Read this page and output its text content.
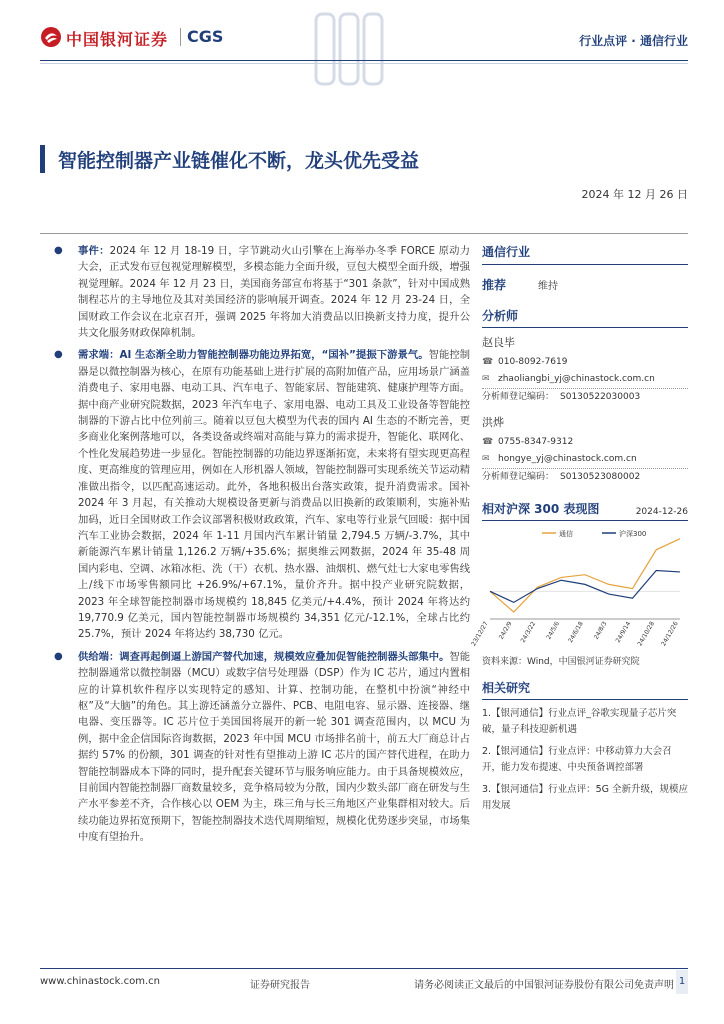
中国银河证券 CGS	行业点评 · 通信行业
智能控制器产业链催化不断，龙头优先受益
2024 年 12 月 26 日
● 事件：2024 年 12 月 18-19 日，字节跳动火山引擎在上海举办冬季 FORCE 原动力大会，正式发布豆包视觉理解模型，多模态能力全面升级，豆包大模型全面升级，增强视觉理解。2024 年 12 月 23 日，美国商务部宣布将基于“301 条款”，针对中国成熟制程芯片的主导地位及其对美国经济的影响展开调查。2024 年 12 月 23-24 日，全国财政工作会议在北京召开，强调 2025 年将加大消费品以旧换新支持力度，提升公共文化服务财政保障机制。
● 需求端：AI 生态渐全助力智能控制器功能边界拓宽，“国补”提振下游景气。智能控制器是以微控制器为核心，在原有功能基础上进行扩展的高附加值产品，应用场景广涵盖消费电子、家用电器、电动工具、汽车电子、智能家居、智能建筑、健康护理等方面。据中商产业研究院数据，2023 年汽车电子、家用电器、电动工具及工业设备等智能控制器的下游占比中位列前三。随着以豆包大模型为代表的国内 AI 生态的不断完善，更多商业化案例落地可以，各类设备或终端对高能与算力的需求提升，智能化、联网化、个性化发展趋势进一步显化。智能控制器的功能边界逐渐拓宽，未来将有望实现更高程度、更高维度的管理应用，例如在人形机器人领域，智能控制器可实现系统关节运动精准做出指令，以匹配高速运动。此外，各地积极出台落实政策，提升消费需求。国补 2024 年 3 月起，有关推动大规模设备更新与消费品以旧换新的政策顺利，实施补贴加码，近日全国财政工作会议部署积极财政政策，汽车、家电等行业景气回暖：据中国汽车工业协会数据，2024 年 1-11 月国内汽车累计销量 2,794.5 万辆/-3.7%，其中新能源汽车累计销量 1,126.2 万辆/+35.6%；据奥维云网数据，2024 年 35-48 周国内彩电、空调、冰箱冰柜、洗（干）衣机、热水器、油烟机、燃气灶七大家电零售线上/线下市场零售额同比 +26.9%/+67.1%，量价齐升。据中投产业研究院数据，2023 年全球智能控制器市场规模约 18,845 亿美元/+4.4%，预计 2024 年将达约 19,770.9 亿美元，国内智能控制器市场规模约 34,351 亿元/-12.1%，全球占比约 25.7%，预计 2024 年将达约 38,730 亿元。
● 供给端：调查再起倒逼上游国产替代加速，规模效应叠加促智能控制器头部集中。智能控制器通常以微控制器（MCU）或数字信号处理器（DSP）作为 IC 芯片，通过内置相应的计算机软件程序以实现特定的感知、计算、控制功能，在整机中扮演“神经中枢”及“大脑”的角色。其上游还涵盖分立器件、PCB、电阻电容、显示器、连接器、继电器、变压器等。IC 芯片位于美国国将展开的新一轮 301 调查范围内，以 MCU 为例，据中金企信国际咨询数据，2023 年中国 MCU 市场排名前十，前五大厂商总计占据约 57% 的份额，301 调查的针对性有望推动上游 IC 芯片的国产替代进程，在助力智能控制器成本下降的同时，提升配套关键环节与服务响应能力。由于具备规模效应，目前国内智能控制器厂商数量较多，竞争格局较为分散，国内少数头部厂商在研发与生产水平参差不齐，合作核心以 OEM 为主，珠三角与长三角地区产业集群相对较大。后续功能边界拓宽预期下，智能控制器技术迭代周期缩短，规模化优势逐步突显，市场集中度有望抬升。
通信行业
推荐	维持
分析师
赵良毕
☎ 010-8092-7619
✉ zhaoliangbi_yj@chinastock.com.cn
分析师登记编码： S0130522030003
洪烨
☎ 0755-8347-9312
✉ hongye_yj@chinastock.com.cn
分析师登记编码： S0130523080002
相对沪深 300 表现图	2024-12-26
通信	沪深300
23/12/27 24/2/9 24/3/22 24/5/6 24/6/18 24/8/3 24/9/14 24/10/28 24/12/26
资料来源：Wind，中国银河证券研究院
相关研究
1.【银河通信】行业点评_谷歌实现量子芯片突破，量子科技迎新机遇
2.【银河通信】行业点评：中移动算力大会召开，能力发布提速、中央预备调控部署
3.【银河通信】行业点评：5G 全新升级，规模应用发展
www.chinastock.com.cn	证券研究报告	请务必阅读正文最后的中国银河证券股份有限公司免责声明 1
